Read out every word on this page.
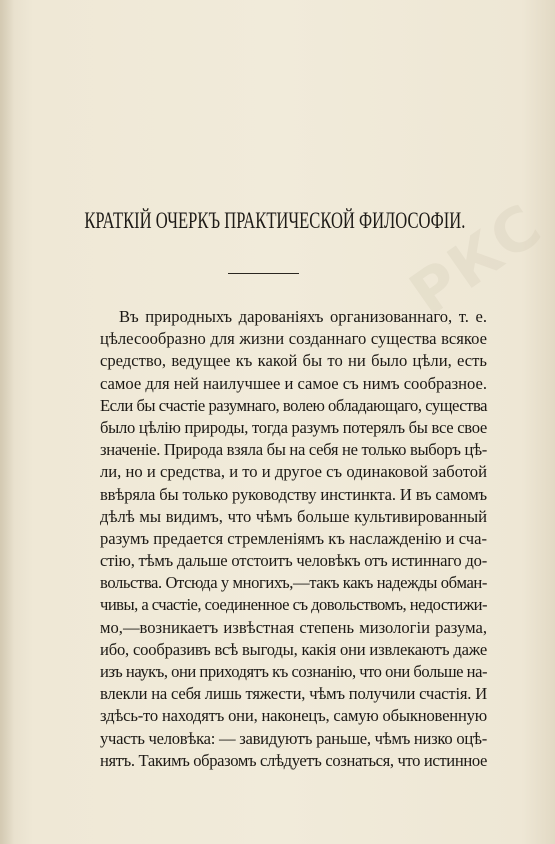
РКС
КРАТКІЙ ОЧЕРКЪ ПРАКТИЧЕСКОЙ ФИЛОСОФІИ.
Въ природныхъ дарованіяхъ организованнаго, т. е.
цѣлесообразно для жизни созданнаго существа всякое
средство, ведущее къ какой бы то ни было цѣли, есть
самое для ней наилучшее и самое съ нимъ сообразное.
Если бы счастіе разумнаго, волею обладающаго, существа
было цѣлію природы, тогда разумъ потерялъ бы все свое
значеніе. Природа взяла бы на себя не только выборъ цѣ-
ли, но и средства, и то и другое съ одинаковой заботой
ввѣряла бы только руководству инстинкта. И въ самомъ
дѣлѣ мы видимъ, что чѣмъ больше культивированный
разумъ предается стремленіямъ къ наслажденію и сча-
стію, тѣмъ дальше отстоитъ человѣкъ отъ истиннаго до-
вольства. Отсюда у многихъ,—такъ какъ надежды обман-
чивы, а счастіе, соединенное съ довольствомъ, недостижи-
мо,—возникаетъ извѣстная степень мизологіи разума,
ибо, сообразивъ всѣ выгоды, какія они извлекаютъ даже
изъ наукъ, они приходятъ къ сознанію, что они больше на-
влекли на себя лишь тяжести, чѣмъ получили счастія. И
здѣсь-то находятъ они, наконецъ, самую обыкновенную
участь человѣка: — завидуютъ раньше, чѣмъ низко оцѣ-
нятъ. Такимъ образомъ слѣдуетъ сознаться, что истинное
